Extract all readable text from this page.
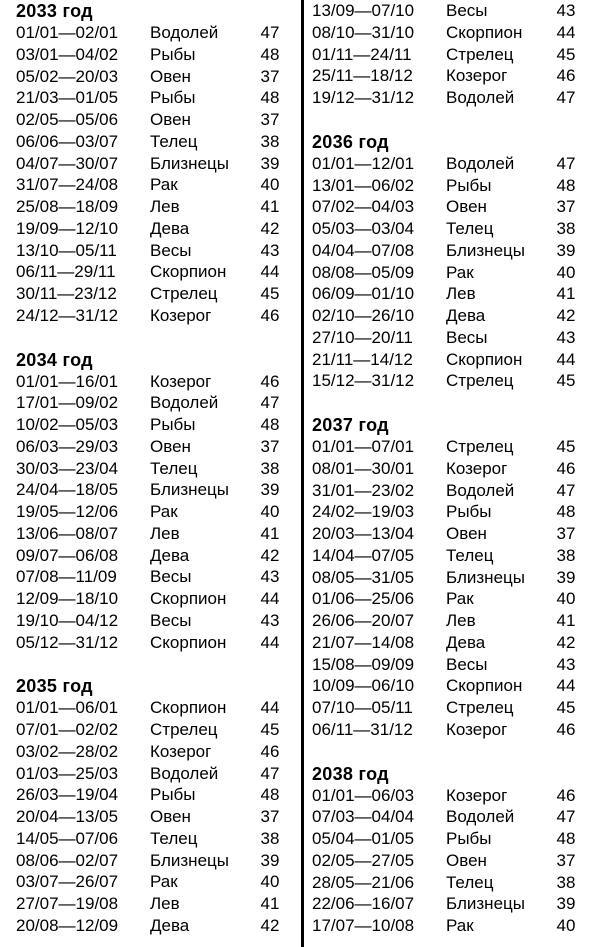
2033 год
01/01—02/01	Водолей	47
03/01—04/02	Рыбы	48
05/02—20/03	Овен	37
21/03—01/05	Рыбы	48
02/05—05/06	Овен	37
06/06—03/07	Телец	38
04/07—30/07	Близнецы	39
31/07—24/08	Рак	40
25/08—18/09	Лев	41
19/09—12/10	Дева	42
13/10—05/11	Весы	43
06/11—29/11	Скорпион	44
30/11—23/12	Стрелец	45
24/12—31/12	Козерог	46
2034 год
01/01—16/01	Козерог	46
17/01—09/02	Водолей	47
10/02—05/03	Рыбы	48
06/03—29/03	Овен	37
30/03—23/04	Телец	38
24/04—18/05	Близнецы	39
19/05—12/06	Рак	40
13/06—08/07	Лев	41
09/07—06/08	Дева	42
07/08—11/09	Весы	43
12/09—18/10	Скорпион	44
19/10—04/12	Весы	43
05/12—31/12	Скорпион	44
2035 год
01/01—06/01	Скорпион	44
07/01—02/02	Стрелец	45
03/02—28/02	Козерог	46
01/03—25/03	Водолей	47
26/03—19/04	Рыбы	48
20/04—13/05	Овен	37
14/05—07/06	Телец	38
08/06—02/07	Близнецы	39
03/07—26/07	Рак	40
27/07—19/08	Лев	41
20/08—12/09	Дева	42
13/09—07/10	Весы	43
08/10—31/10	Скорпион	44
01/11—24/11	Стрелец	45
25/11—18/12	Козерог	46
19/12—31/12	Водолей	47
2036 год
01/01—12/01	Водолей	47
13/01—06/02	Рыбы	48
07/02—04/03	Овен	37
05/03—03/04	Телец	38
04/04—07/08	Близнецы	39
08/08—05/09	Рак	40
06/09—01/10	Лев	41
02/10—26/10	Дева	42
27/10—20/11	Весы	43
21/11—14/12	Скорпион	44
15/12—31/12	Стрелец	45
2037 год
01/01—07/01	Стрелец	45
08/01—30/01	Козерог	46
31/01—23/02	Водолей	47
24/02—19/03	Рыбы	48
20/03—13/04	Овен	37
14/04—07/05	Телец	38
08/05—31/05	Близнецы	39
01/06—25/06	Рак	40
26/06—20/07	Лев	41
21/07—14/08	Дева	42
15/08—09/09	Весы	43
10/09—06/10	Скорпион	44
07/10—05/11	Стрелец	45
06/11—31/12	Козерог	46
2038 год
01/01—06/03	Козерог	46
07/03—04/04	Водолей	47
05/04—01/05	Рыбы	48
02/05—27/05	Овен	37
28/05—21/06	Телец	38
22/06—16/07	Близнецы	39
17/07—10/08	Рак	40
